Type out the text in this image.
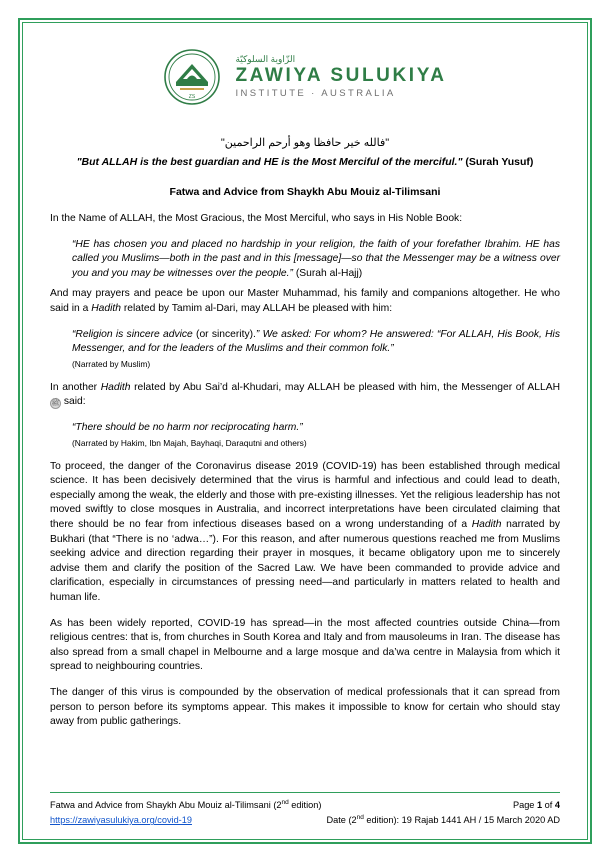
ZS
الزّاوية السلوكيّة
ZAWIYA SULUKIYA
INSTITUTE · AUSTRALIA
"فالله خير حافظا وهو أرحم الراحمين"
"But ALLAH is the best guardian and HE is the Most Merciful of the merciful." (Surah Yusuf)
Fatwa and Advice from Shaykh Abu Mouiz al-Tilimsani

In the Name of ALLAH, the Most Gracious, the Most Merciful, who says in His Noble Book:

“HE has chosen you and placed no hardship in your religion, the faith of your forefather Ibrahim. HE has called you Muslims—both in the past and in this [message]—so that the Messenger may be a witness over you and you may be witnesses over the people.” (Surah al-Hajj)

And may prayers and peace be upon our Master Muhammad, his family and companions altogether. He who said in a Hadith related by Tamim al-Dari, may ALLAH be pleased with him:

“Religion is sincere advice (or sincerity).” We asked: For whom? He answered: “For ALLAH, His Book, His Messenger, and for the leaders of the Muslims and their common folk.”

(Narrated by Muslim)

In another Hadith related by Abu Sai’d al-Khudari, may ALLAH be pleased with him, the Messenger of ALLAH ﷺ said:

“There should be no harm nor reciprocating harm.”

(Narrated by Hakim, Ibn Majah, Bayhaqi, Daraqutni and others)

To proceed, the danger of the Coronavirus disease 2019 (COVID-19) has been established through medical science. It has been decisively determined that the virus is harmful and infectious and could lead to death, especially among the weak, the elderly and those with pre-existing illnesses. Yet the religious leadership has not moved swiftly to close mosques in Australia, and incorrect interpretations have been circulated claiming that there should be no fear from infectious diseases based on a wrong understanding of a Hadith narrated by Bukhari (that “There is no ‘adwa…”). For this reason, and after numerous questions reached me from Muslims seeking advice and direction regarding their prayer in mosques, it became obligatory upon me to sincerely advise them and clarify the position of the Sacred Law. We have been commanded to provide advice and clarification, especially in circumstances of pressing need—and particularly in matters related to health and human life.

As has been widely reported, COVID-19 has spread—in the most affected countries outside China—from religious centres: that is, from churches in South Korea and Italy and from mausoleums in Iran. The disease has also spread from a small chapel in Melbourne and a large mosque and da’wa centre in Malaysia from which it spread to neighbouring countries.

The danger of this virus is compounded by the observation of medical professionals that it can spread from person to person before its symptoms appear. This makes it impossible to know for certain who should stay away from public gatherings.

Fatwa and Advice from Shaykh Abu Mouiz al-Tilimsani (2nd edition)	Page 1 of 4
https://zawiyasulukiya.org/covid-19	Date (2nd edition): 19 Rajab 1441 AH / 15 March 2020 AD
